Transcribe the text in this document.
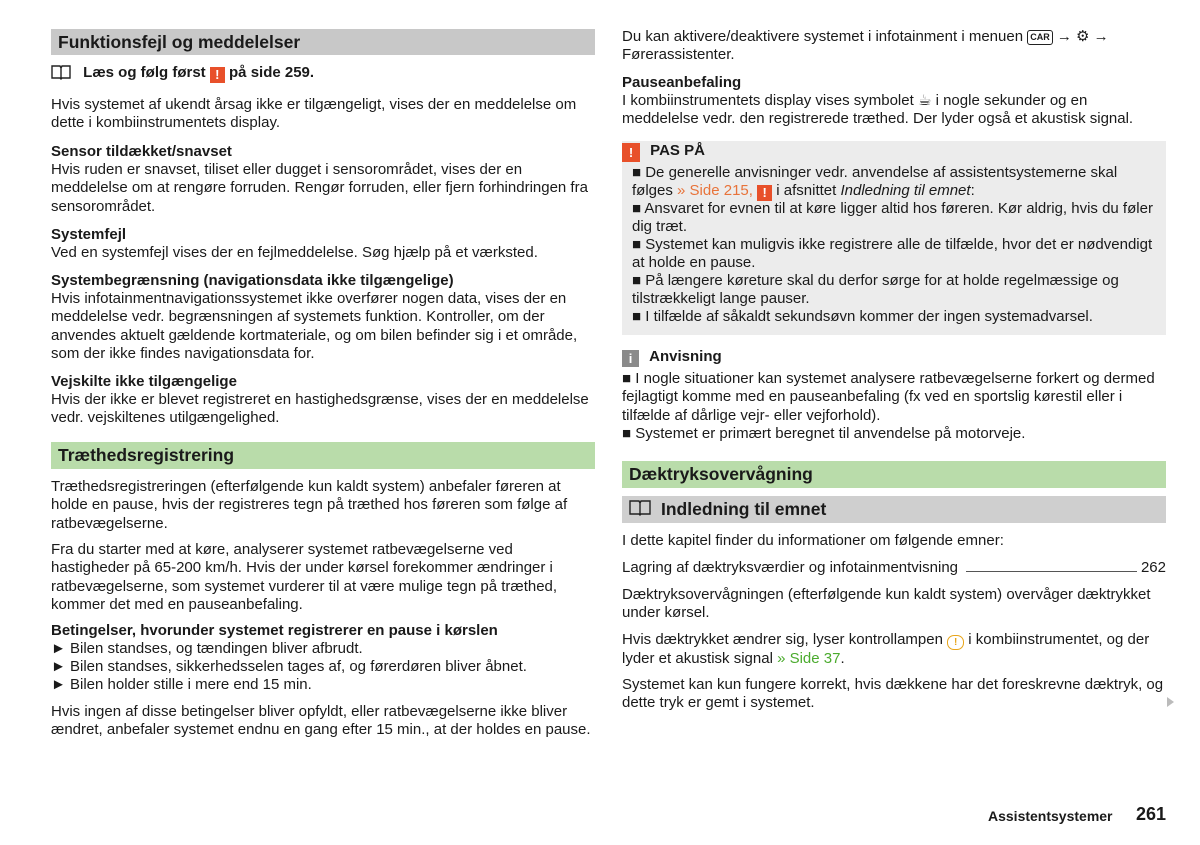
Funktionsfejl og meddelelser

Læs og følg først ! på side 259.

Hvis systemet af ukendt årsag ikke er tilgængeligt, vises der en meddelelse om dette i kombiinstrumentets display.

Sensor tildækket/snavset

Hvis ruden er snavset, tiliset eller dugget i sensorområdet, vises der en meddelelse om at rengøre forruden. Rengør forruden, eller fjern forhindringen fra sensorområdet.

Systemfejl

Ved en systemfejl vises der en fejlmeddelelse. Søg hjælp på et værksted.

Systembegrænsning (navigationsdata ikke tilgængelige)

Hvis infotainmentnavigationssystemet ikke overfører nogen data, vises der en meddelelse vedr. begrænsningen af systemets funktion. Kontroller, om der anvendes aktuelt gældende kortmateriale, og om bilen befinder sig i et område, som der ikke findes navigationsdata for.

Vejskilte ikke tilgængelige

Hvis der ikke er blevet registreret en hastighedsgrænse, vises der en meddelelse vedr. vejskiltenes utilgængelighed.

Træthedsregistrering

Træthedsregistreringen (efterfølgende kun kaldt system) anbefaler føreren at holde en pause, hvis der registreres tegn på træthed hos føreren som følge af ratbevægelserne.

Fra du starter med at køre, analyserer systemet ratbevægelserne ved hastigheder på 65-200 km/h. Hvis der under kørsel forekommer ændringer i ratbevægelserne, som systemet vurderer til at være mulige tegn på træthed, kommer det med en pauseanbefaling.

Betingelser, hvorunder systemet registrerer en pause i kørslen

► Bilen standses, og tændingen bliver afbrudt.

► Bilen standses, sikkerhedsselen tages af, og førerdøren bliver åbnet.

► Bilen holder stille i mere end 15 min.

Hvis ingen af disse betingelser bliver opfyldt, eller ratbevægelserne ikke bliver ændret, anbefaler systemet endnu en gang efter 15 min., at der holdes en pause.

Du kan aktivere/deaktivere systemet i infotainment i menuen CAR → ⚙ → Førerassistenter.

Pauseanbefaling

I kombiinstrumentets display vises symbolet ☕ i nogle sekunder og en meddelelse vedr. den registrerede træthed. Der lyder også et akustisk signal.

! PAS PÅ

■ De generelle anvisninger vedr. anvendelse af assistentsystemerne skal følges » Side 215, ! i afsnittet Indledning til emnet:

■ Ansvaret for evnen til at køre ligger altid hos føreren. Kør aldrig, hvis du føler dig træt.

■ Systemet kan muligvis ikke registrere alle de tilfælde, hvor det er nødvendigt at holde en pause.

■ På længere køreture skal du derfor sørge for at holde regelmæssige og tilstrækkeligt lange pauser.

■ I tilfælde af såkaldt sekundsøvn kommer der ingen systemadvarsel.

i Anvisning

■ I nogle situationer kan systemet analysere ratbevægelserne forkert og dermed fejlagtigt komme med en pauseanbefaling (fx ved en sportslig kørestil eller i tilfælde af dårlige vejr- eller vejforhold).

■ Systemet er primært beregnet til anvendelse på motorveje.

Dæktryksovervågning
Indledning til emnet

I dette kapitel finder du informationer om følgende emner:

Lagring af dæktryksværdier og infotainmentvisning	262

Dæktryksovervågningen (efterfølgende kun kaldt system) overvåger dæktrykket under kørsel.

Hvis dæktrykket ændrer sig, lyser kontrollampen ! i kombiinstrumentet, og der lyder et akustisk signal » Side 37.

Systemet kan kun fungere korrekt, hvis dækkene har det foreskrevne dæktryk, og dette tryk er gemt i systemet.

Assistentsystemer 261
